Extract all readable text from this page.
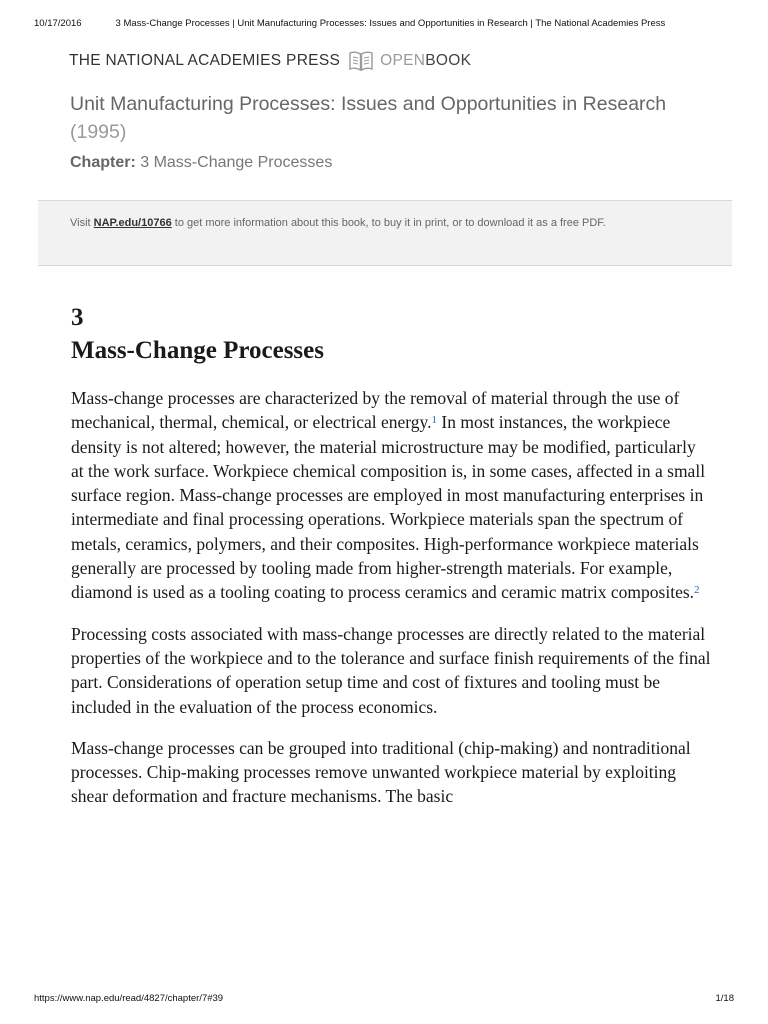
10/17/2016	3 Mass-Change Processes | Unit Manufacturing Processes: Issues and Opportunities in Research | The National Academies Press
THE NATIONAL ACADEMIES PRESS	OPEN BOOK
Unit Manufacturing Processes: Issues and Opportunities in Research (1995)
Chapter: 3 Mass-Change Processes
Visit NAP.edu/10766 to get more information about this book, to buy it in print, or to download it as a free PDF.
3
Mass-Change Processes

Mass-change processes are characterized by the removal of material through the use of mechanical, thermal, chemical, or electrical energy.$^1$ In most instances, the workpiece density is not altered; however, the material microstructure may be modified, particularly at the work surface. Workpiece chemical composition is, in some cases, affected in a small surface region. Mass-change processes are employed in most manufacturing enterprises in intermediate and final processing operations. Workpiece materials span the spectrum of metals, ceramics, polymers, and their composites. High-performance workpiece materials generally are processed by tooling made from higher-strength materials. For example, diamond is used as a tooling coating to process ceramics and ceramic matrix composites.$^2$

Processing costs associated with mass-change processes are directly related to the material properties of the workpiece and to the tolerance and surface finish requirements of the final part. Considerations of operation setup time and cost of fixtures and tooling must be included in the evaluation of the process economics.

Mass-change processes can be grouped into traditional (chip-making) and nontraditional processes. Chip-making processes remove unwanted workpiece material by exploiting shear deformation and fracture mechanisms. The basic

https://www.nap.edu/read/4827/chapter/7#39	1/18
